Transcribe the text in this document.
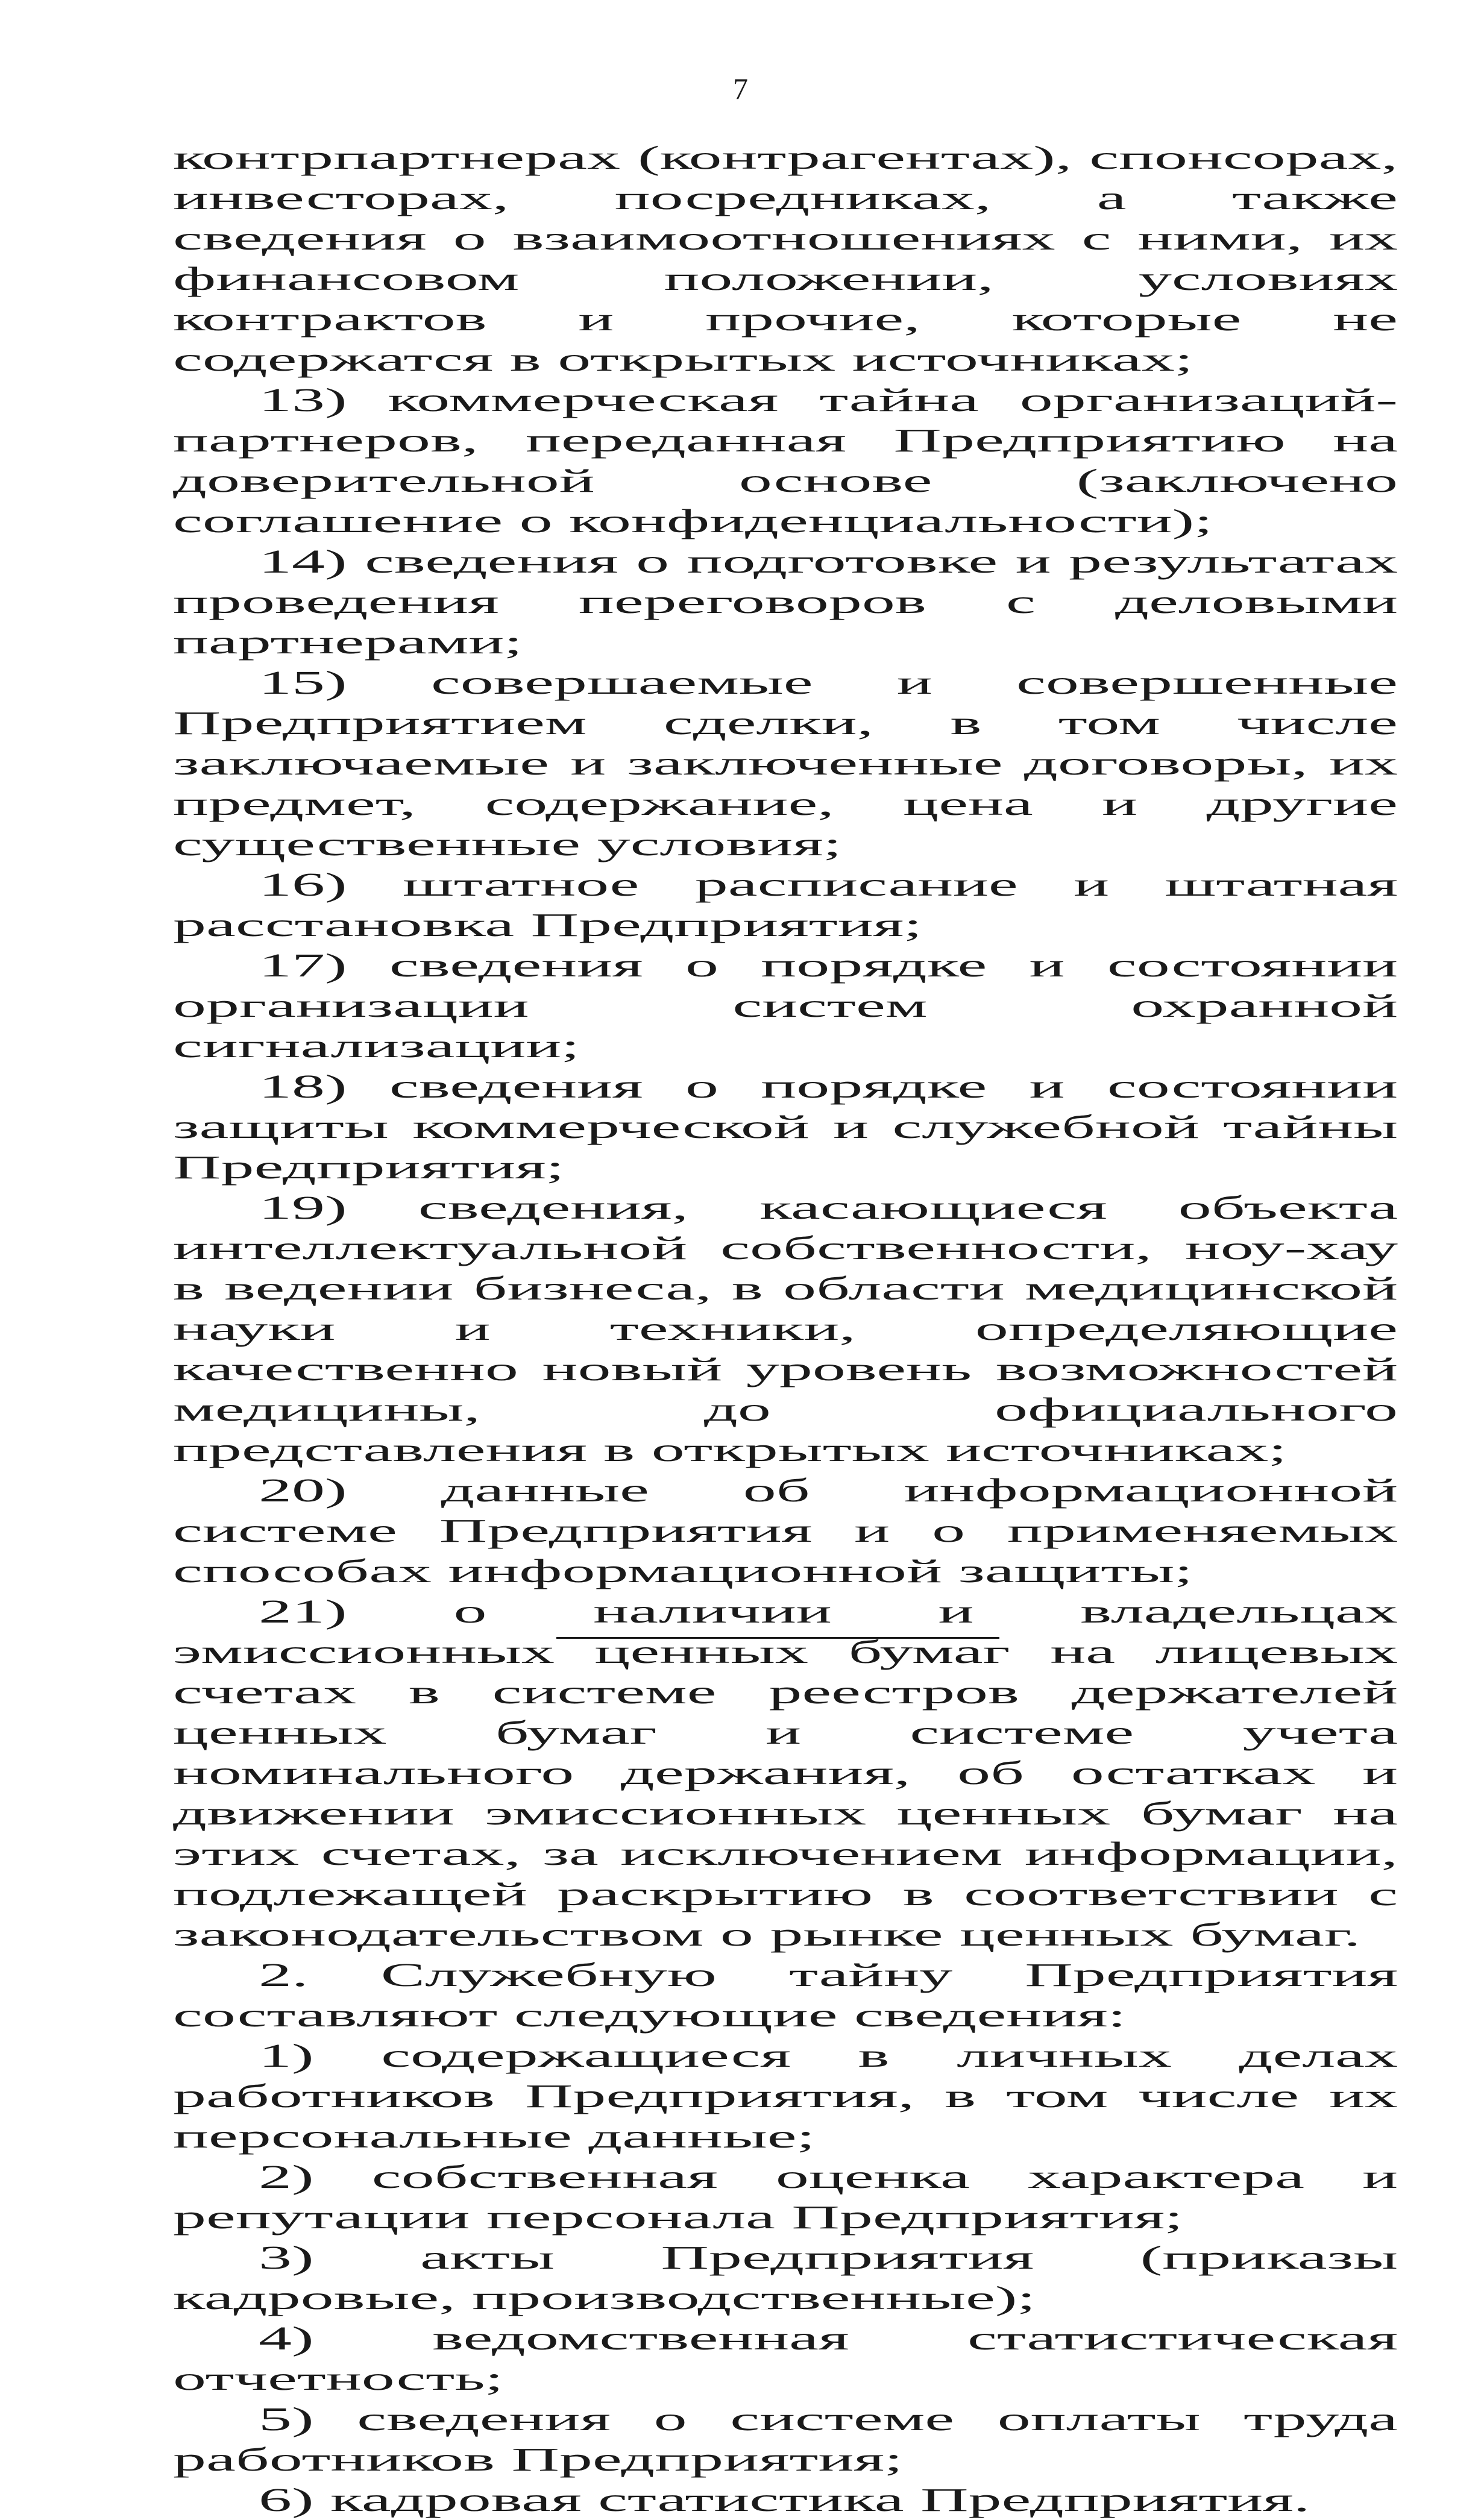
7

контрпартнерах (контрагентах), спонсорах, инвесторах, посредниках, а также сведения о взаимоотношениях с ними, их финансовом положении, условиях контрактов и прочие, которые не содержатся в открытых источниках;

13) коммерческая тайна организаций-партнеров, переданная Предприятию на доверительной основе (заключено соглашение о конфиденциальности);

14) сведения о подготовке и результатах проведения переговоров с деловыми партнерами;

15) совершаемые и совершенные Предприятием сделки, в том числе заключаемые и заключенные договоры, их предмет, содержание, цена и другие существенные условия;

16) штатное расписание и штатная расстановка Предприятия;

17) сведения о порядке и состоянии организации систем охранной сигнализации;

18) сведения о порядке и состоянии защиты коммерческой и служебной тайны Предприятия;

19) сведения, касающиеся объекта интеллектуальной собственности, ноу-хау в ведении бизнеса, в области медицинской науки и техники, определяющие качественно новый уровень возможностей медицины, до официального представления в открытых источниках;

20) данные об информационной системе Предприятия и о применяемых способах информационной защиты;

21) о наличии и владельцах эмиссионных ценных бумаг на лицевых счетах в системе реестров держателей ценных бумаг и системе учета номинального держания, об остатках и движении эмиссионных ценных бумаг на этих счетах, за исключением информации, подлежащей раскрытию в соответствии с законодательством о рынке ценных бумаг.

2. Служебную тайну Предприятия составляют следующие сведения:

1) содержащиеся в личных делах работников Предприятия, в том числе их персональные данные;

2) собственная оценка характера и репутации персонала Предприятия;

3) акты Предприятия (приказы кадровые, производственные);

4) ведомственная статистическая отчетность;

5) сведения о системе оплаты труда работников Предприятия;

6) кадровая статистика Предприятия.
